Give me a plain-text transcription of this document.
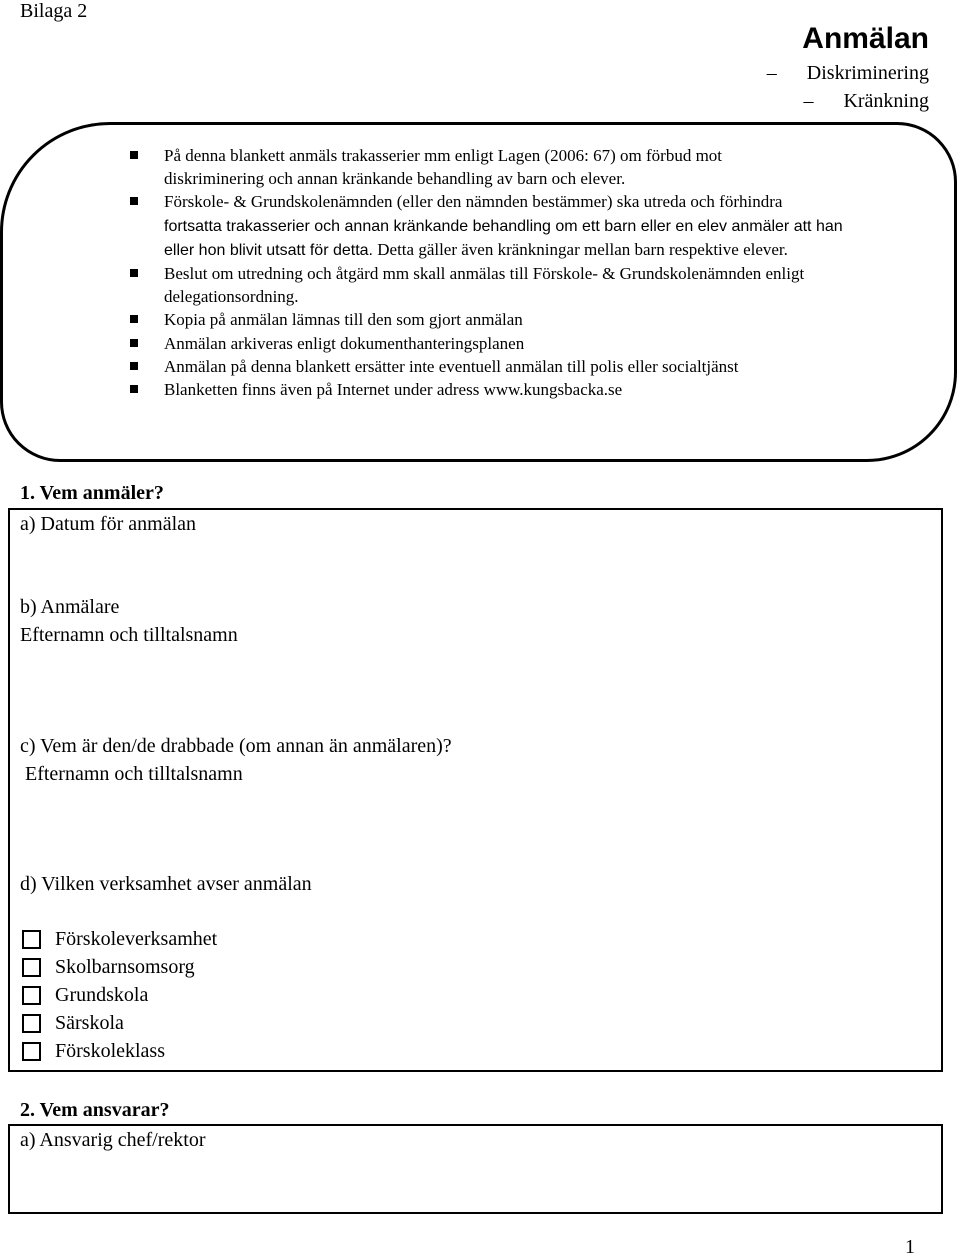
Bilaga 2
Anmälan
– Diskriminering
– Kränkning
På denna blankett anmäls trakasserier mm enligt Lagen (2006: 67) om förbud mot
diskriminering och annan kränkande behandling av barn och elever.
Förskole- & Grundskolenämnden (eller den nämnden bestämmer) ska utreda och förhindra
fortsatta trakasserier och annan kränkande behandling om ett barn eller en elev anmäler att han
eller hon blivit utsatt för detta. Detta gäller även kränkningar mellan barn respektive elever.
Beslut om utredning och åtgärd mm skall anmälas till Förskole- & Grundskolenämnden enligt
delegationsordning.
Kopia på anmälan lämnas till den som gjort anmälan
Anmälan arkiveras enligt dokumenthanteringsplanen
Anmälan på denna blankett ersätter inte eventuell anmälan till polis eller socialtjänst
Blanketten finns även på Internet under adress www.kungsbacka.se
1. Vem anmäler?
a) Datum för anmälan
b) Anmälare
Efternamn och tilltalsnamn
c) Vem är den/de drabbade (om annan än anmälaren)?
Efternamn och tilltalsnamn
d) Vilken verksamhet avser anmälan
Förskoleverksamhet
Skolbarnsomsorg
Grundskola
Särskola
Förskoleklass
2. Vem ansvarar?
a) Ansvarig chef/rektor
1
